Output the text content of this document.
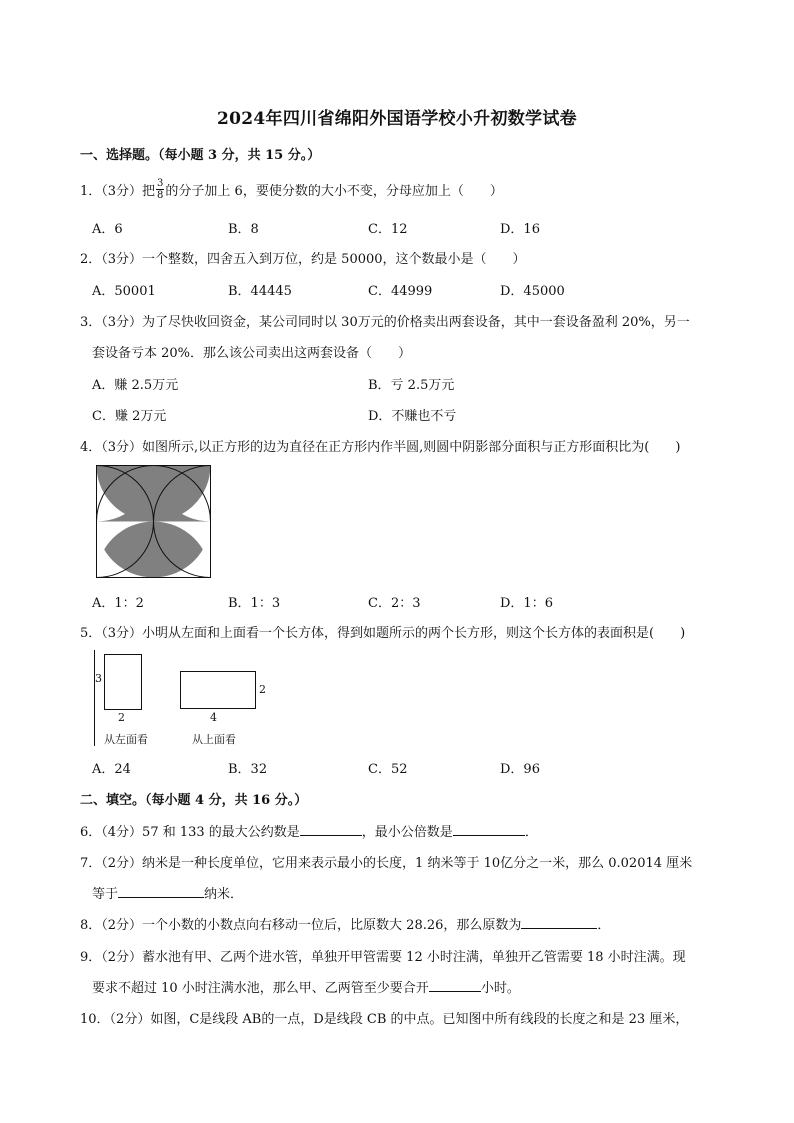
2024年四川省绵阳外国语学校小升初数学试卷
一、选择题。（每小题 3 分，共 15 分。）
1．（3分）把 $\frac{3}{8}$ 的分子加上 6，要使分数的大小不变，分母应加上（　　）
A．6	B．8	C．12	D．16
2．（3分）一个整数，四舍五入到万位，约是 50000，这个数最小是（　　）
A．50001	B．44445	C．44999	D．45000
3．（3分）为了尽快收回资金，某公司同时以 30万元的价格卖出两套设备，其中一套设备盈利 20%，另一
套设备亏本 20%．那么该公司卖出这两套设备（　　）
A．赚 2.5万元	B．亏 2.5万元
C．赚 2万元	D．不赚也不亏
4．（3分）如图所示,以正方形的边为直径在正方形内作半圆,则圆中阴影部分面积与正方形面积比为(　　)
A．1：2	B．1：3	C．2：3	D．1：6
5．（3分）小明从左面和上面看一个长方体，得到如题所示的两个长方形，则这个长方体的表面积是(　　)
3
2	4
2
从左面看	从上面看
A．24	B．32	C．52	D．96
二、填空。（每小题 4 分，共 16 分。）
6．（4分）57 和 133 的最大公约数是	，最小公倍数是	．
7．（2分）纳米是一种长度单位，它用来表示最小的长度，1 纳米等于 10亿分之一米，那么 0.02014 厘米
等于	纳米．
8．（2分）一个小数的小数点向右移动一位后，比原数大 28.26，那么原数为	．
9．（2分）蓄水池有甲、乙两个进水管，单独开甲管需要 12 小时注满，单独开乙管需要 18 小时注满。现
要求不超过 10 小时注满水池，那么甲、乙两管至少要合开	小时。
10．（2分）如图，C是线段 AB的一点，D是线段 CB 的中点。已知图中所有线段的长度之和是 23 厘米，
